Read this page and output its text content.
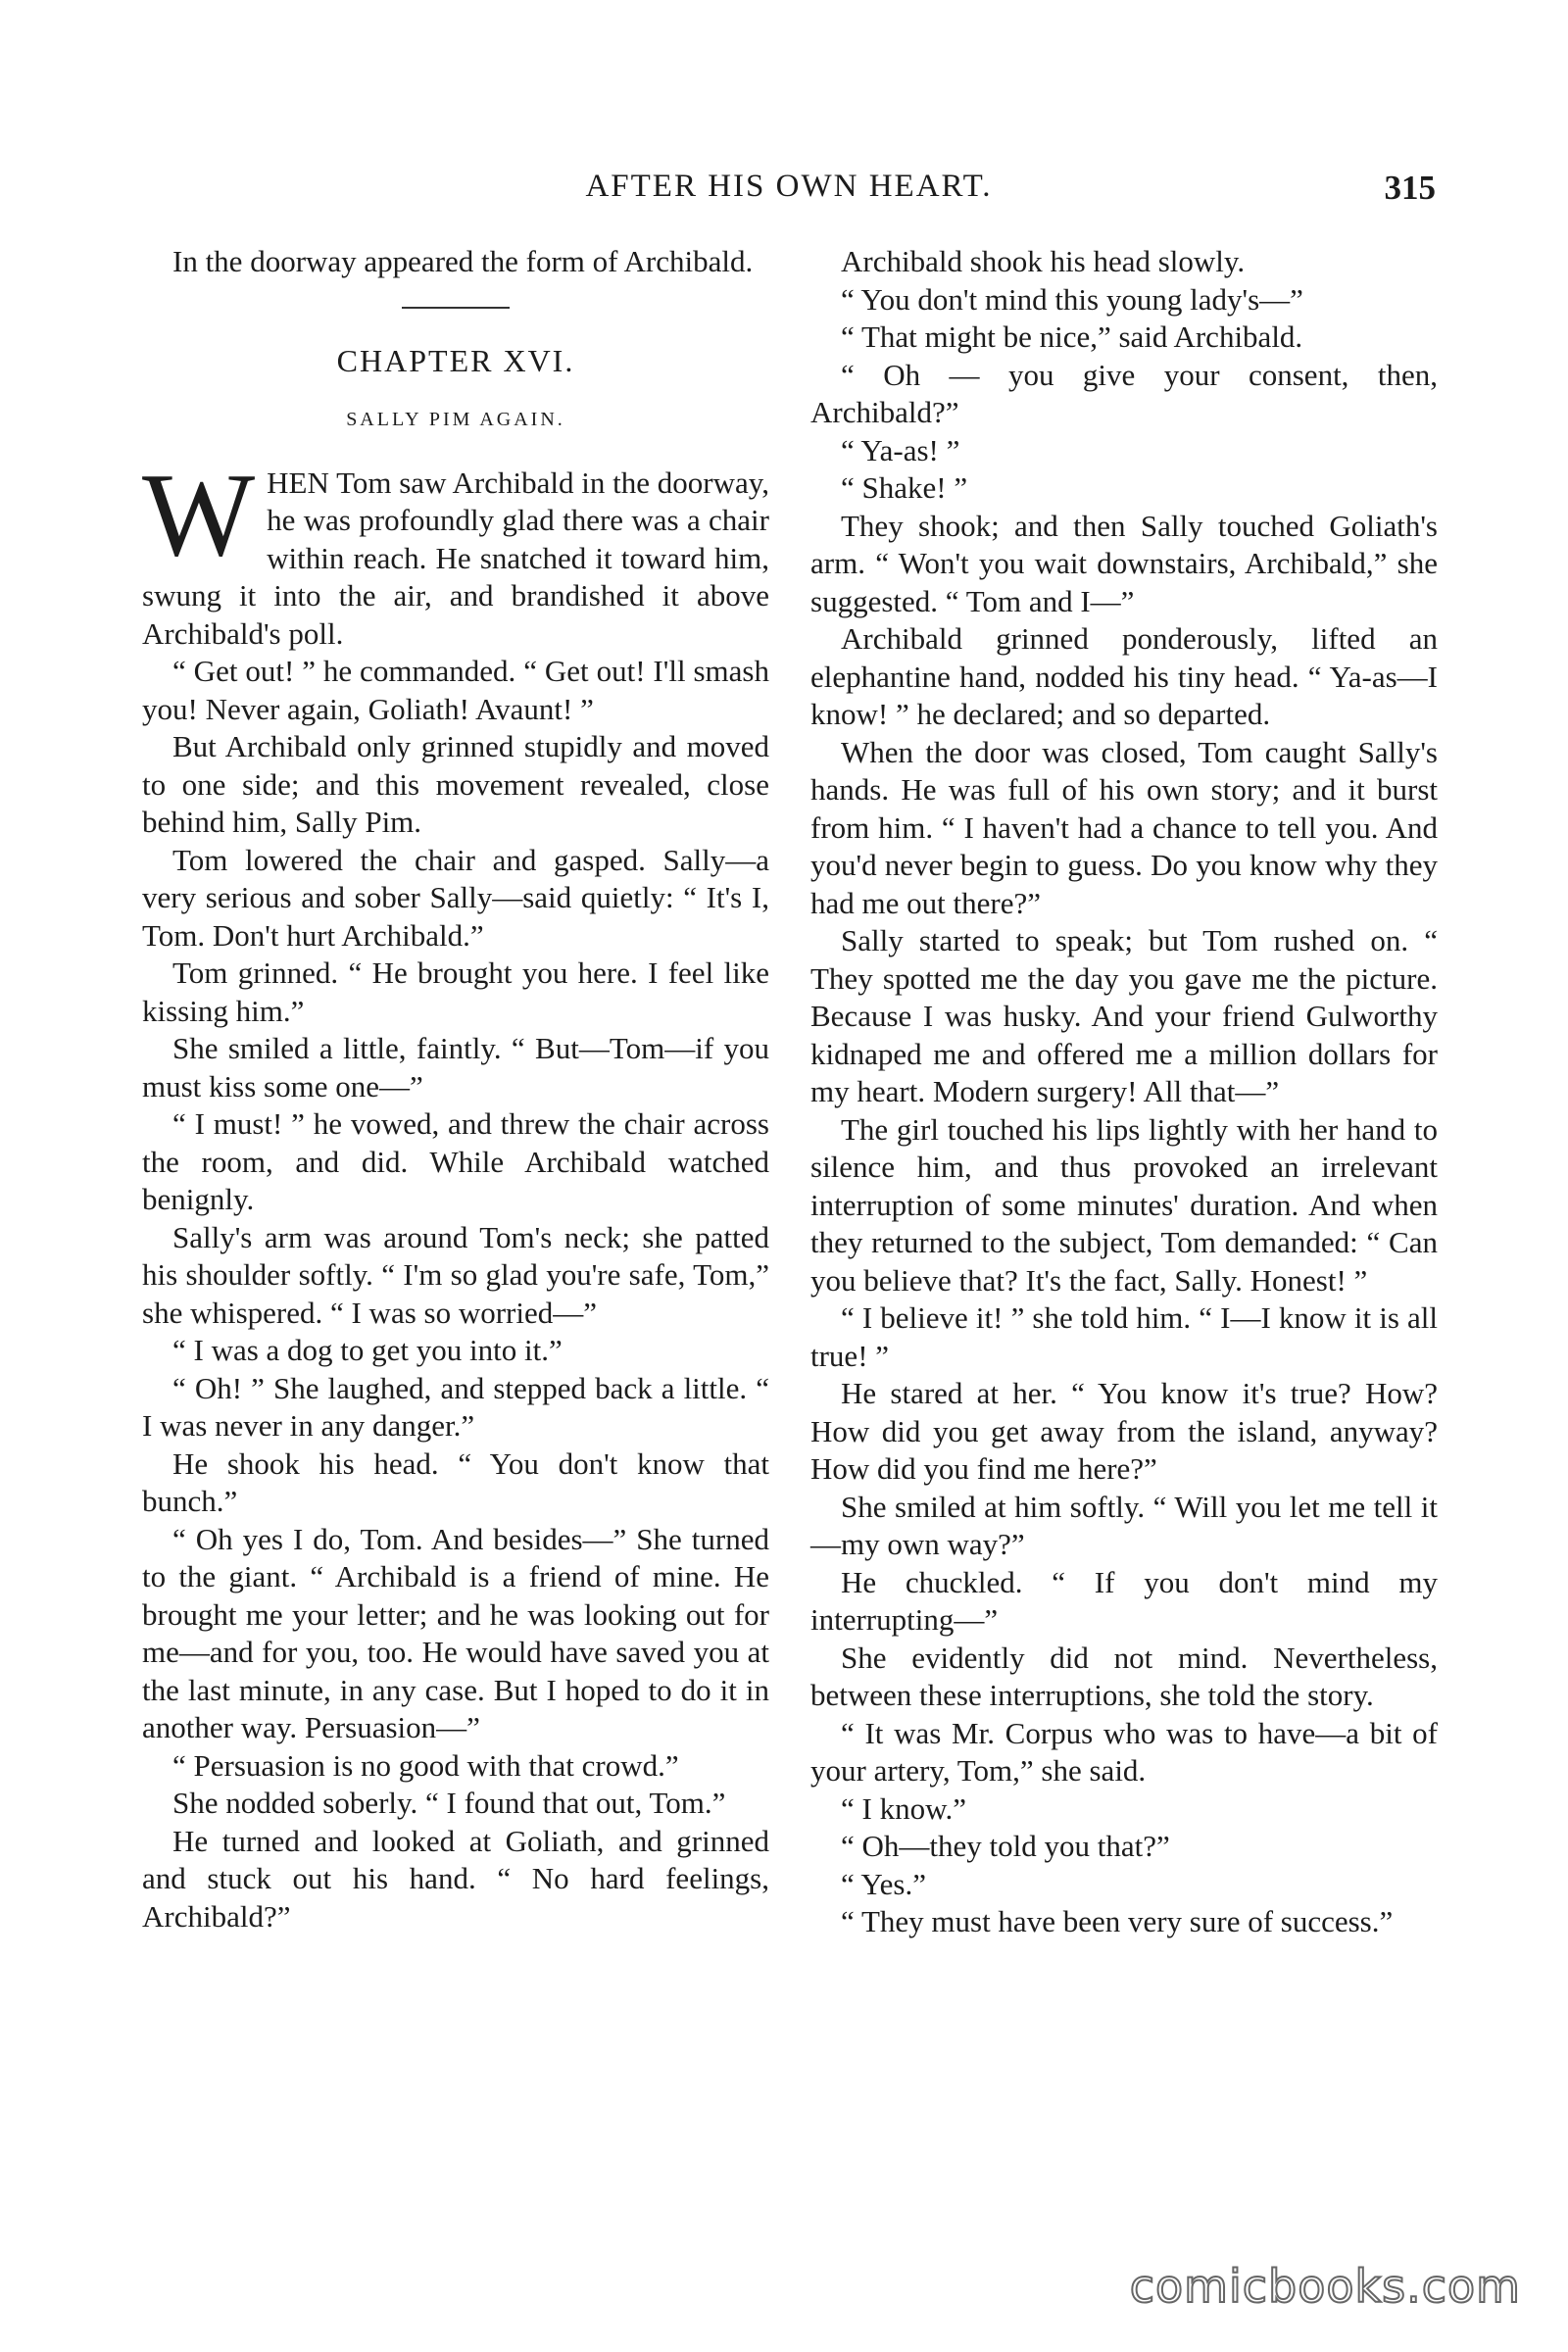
AFTER HIS OWN HEART.	315

In the doorway appeared the form of Archibald.

CHAPTER XVI.
SALLY PIM AGAIN.

WHEN Tom saw Archibald in the doorway, he was profoundly glad there was a chair within reach. He snatched it toward him, swung it into the air, and brandished it above Archibald's poll.

“ Get out! ” he commanded. “ Get out! I'll smash you! Never again, Goliath! Avaunt! ”

But Archibald only grinned stupidly and moved to one side; and this movement revealed, close behind him, Sally Pim.

Tom lowered the chair and gasped. Sally—a very serious and sober Sally—said quietly: “ It's I, Tom. Don't hurt Archibald.”

Tom grinned. “ He brought you here. I feel like kissing him.”

She smiled a little, faintly. “ But—Tom—if you must kiss some one—”

“ I must! ” he vowed, and threw the chair across the room, and did. While Archibald watched benignly.

Sally's arm was around Tom's neck; she patted his shoulder softly. “ I'm so glad you're safe, Tom,” she whispered. “ I was so worried—”

“ I was a dog to get you into it.”

“ Oh! ” She laughed, and stepped back a little. “ I was never in any danger.”

He shook his head. “ You don't know that bunch.”

“ Oh yes I do, Tom. And besides—” She turned to the giant. “ Archibald is a friend of mine. He brought me your letter; and he was looking out for me—and for you, too. He would have saved you at the last minute, in any case. But I hoped to do it in another way. Persuasion—”

“ Persuasion is no good with that crowd.”

She nodded soberly. “ I found that out, Tom.”

He turned and looked at Goliath, and grinned and stuck out his hand. “ No hard feelings, Archibald?”

Archibald shook his head slowly.

“ You don't mind this young lady's—”

“ That might be nice,” said Archibald.

“ Oh — you give your consent, then, Archibald?”

“ Ya-as! ”

“ Shake! ”

They shook; and then Sally touched Goliath's arm. “ Won't you wait downstairs, Archibald,” she suggested. “ Tom and I—”

Archibald grinned ponderously, lifted an elephantine hand, nodded his tiny head. “ Ya-as—I know! ” he declared; and so departed.

When the door was closed, Tom caught Sally's hands. He was full of his own story; and it burst from him. “ I haven't had a chance to tell you. And you'd never begin to guess. Do you know why they had me out there?”

Sally started to speak; but Tom rushed on. “ They spotted me the day you gave me the picture. Because I was husky. And your friend Gulworthy kidnaped me and offered me a million dollars for my heart. Modern surgery! All that—”

The girl touched his lips lightly with her hand to silence him, and thus provoked an irrelevant interruption of some minutes' duration. And when they returned to the subject, Tom demanded: “ Can you believe that? It's the fact, Sally. Honest! ”

“ I believe it! ” she told him. “ I—I know it is all true! ”

He stared at her. “ You know it's true? How? How did you get away from the island, anyway? How did you find me here?”

She smiled at him softly. “ Will you let me tell it—my own way?”

He chuckled. “ If you don't mind my interrupting—”

She evidently did not mind. Nevertheless, between these interruptions, she told the story.

“ It was Mr. Corpus who was to have—a bit of your artery, Tom,” she said.

“ I know.”

“ Oh—they told you that?”

“ Yes.”

“ They must have been very sure of success.”

comicbooks.com
